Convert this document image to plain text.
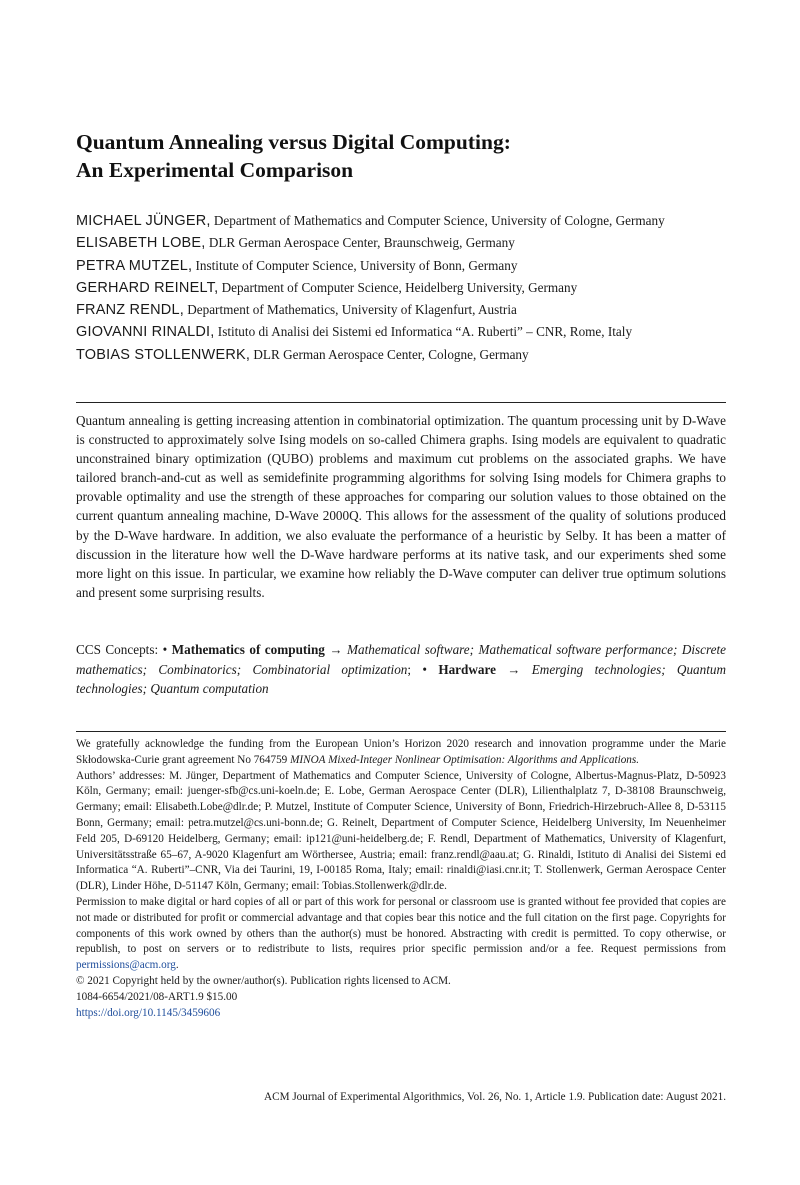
Quantum Annealing versus Digital Computing:
An Experimental Comparison
MICHAEL JÜNGER, Department of Mathematics and Computer Science, University of Cologne, Germany
ELISABETH LOBE, DLR German Aerospace Center, Braunschweig, Germany
PETRA MUTZEL, Institute of Computer Science, University of Bonn, Germany
GERHARD REINELT, Department of Computer Science, Heidelberg University, Germany
FRANZ RENDL, Department of Mathematics, University of Klagenfurt, Austria
GIOVANNI RINALDI, Istituto di Analisi dei Sistemi ed Informatica “A. Ruberti” – CNR, Rome, Italy
TOBIAS STOLLENWERK, DLR German Aerospace Center, Cologne, Germany

Quantum annealing is getting increasing attention in combinatorial optimization. The quantum processing unit by D-Wave is constructed to approximately solve Ising models on so-called Chimera graphs. Ising models are equivalent to quadratic unconstrained binary optimization (QUBO) problems and maximum cut problems on the associated graphs. We have tailored branch-and-cut as well as semidefinite programming algorithms for solving Ising models for Chimera graphs to provable optimality and use the strength of these approaches for comparing our solution values to those obtained on the current quantum annealing machine, D-Wave 2000Q. This allows for the assessment of the quality of solutions produced by the D-Wave hardware. In addition, we also evaluate the performance of a heuristic by Selby. It has been a matter of discussion in the literature how well the D-Wave hardware performs at its native task, and our experiments shed some more light on this issue. In particular, we examine how reliably the D-Wave computer can deliver true optimum solutions and present some surprising results.

CCS Concepts: • Mathematics of computing → Mathematical software; Mathematical software performance; Discrete mathematics; Combinatorics; Combinatorial optimization; • Hardware → Emerging technologies; Quantum technologies; Quantum computation

We gratefully acknowledge the funding from the European Union’s Horizon 2020 research and innovation programme under the Marie Skłodowska-Curie grant agreement No 764759 MINOA Mixed-Integer Nonlinear Optimisation: Algorithms and Applications.

Authors’ addresses: M. Jünger, Department of Mathematics and Computer Science, University of Cologne, Albertus-Magnus-Platz, D-50923 Köln, Germany; email: juenger-sfb@cs.uni-koeln.de; E. Lobe, German Aerospace Center (DLR), Lilienthalplatz 7, D-38108 Braunschweig, Germany; email: Elisabeth.Lobe@dlr.de; P. Mutzel, Institute of Computer Science, University of Bonn, Friedrich-Hirzebruch-Allee 8, D-53115 Bonn, Germany; email: petra.mutzel@cs.uni-bonn.de; G. Reinelt, Department of Computer Science, Heidelberg University, Im Neuenheimer Feld 205, D-69120 Heidelberg, Germany; email: ip121@uni-heidelberg.de; F. Rendl, Department of Mathematics, University of Klagenfurt, Universitätsstraße 65–67, A-9020 Klagenfurt am Wörthersee, Austria; email: franz.rendl@aau.at; G. Rinaldi, Istituto di Analisi dei Sistemi ed Informatica “A. Ruberti”–CNR, Via dei Taurini, 19, I-00185 Roma, Italy; email: rinaldi@iasi.cnr.it; T. Stollenwerk, German Aerospace Center (DLR), Linder Höhe, D-51147 Köln, Germany; email: Tobias.Stollenwerk@dlr.de.

Permission to make digital or hard copies of all or part of this work for personal or classroom use is granted without fee provided that copies are not made or distributed for profit or commercial advantage and that copies bear this notice and the full citation on the first page. Copyrights for components of this work owned by others than the author(s) must be honored. Abstracting with credit is permitted. To copy otherwise, or republish, to post on servers or to redistribute to lists, requires prior specific permission and/or a fee. Request permissions from permissions@acm.org.

© 2021 Copyright held by the owner/author(s). Publication rights licensed to ACM.

1084-6654/2021/08-ART1.9 $15.00

https://doi.org/10.1145/3459606

ACM Journal of Experimental Algorithmics, Vol. 26, No. 1, Article 1.9. Publication date: August 2021.
